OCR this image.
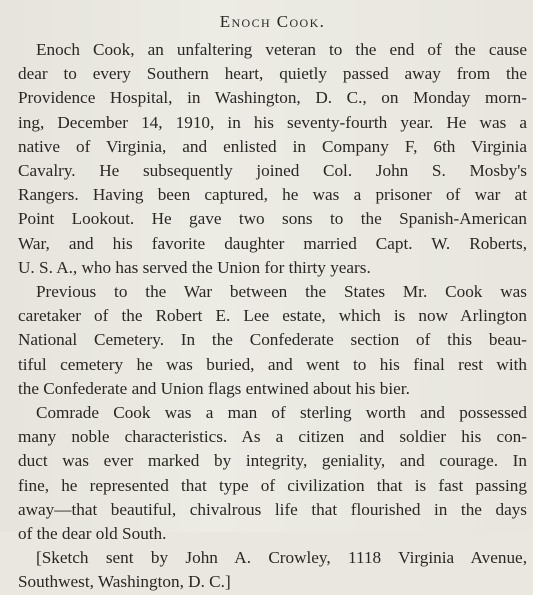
Enoch Cook.
Enoch Cook, an unfaltering veteran to the end of the cause
dear to every Southern heart, quietly passed away from the
Providence Hospital, in Washington, D. C., on Monday morn-
ing, December 14, 1910, in his seventy-fourth year. He was a
native of Virginia, and enlisted in Company F, 6th Virginia
Cavalry. He subsequently joined Col. John S. Mosby's
Rangers. Having been captured, he was a prisoner of war at
Point Lookout. He gave two sons to the Spanish-American
War, and his favorite daughter married Capt. W. Roberts,
U. S. A., who has served the Union for thirty years.
Previous to the War between the States Mr. Cook was
caretaker of the Robert E. Lee estate, which is now Arlington
National Cemetery. In the Confederate section of this beau-
tiful cemetery he was buried, and went to his final rest with
the Confederate and Union flags entwined about his bier.
Comrade Cook was a man of sterling worth and possessed
many noble characteristics. As a citizen and soldier his con-
duct was ever marked by integrity, geniality, and courage. In
fine, he represented that type of civilization that is fast passing
away—that beautiful, chivalrous life that flourished in the days
of the dear old South.
[Sketch sent by John A. Crowley, 1118 Virginia Avenue,
Southwest, Washington, D. C.]
